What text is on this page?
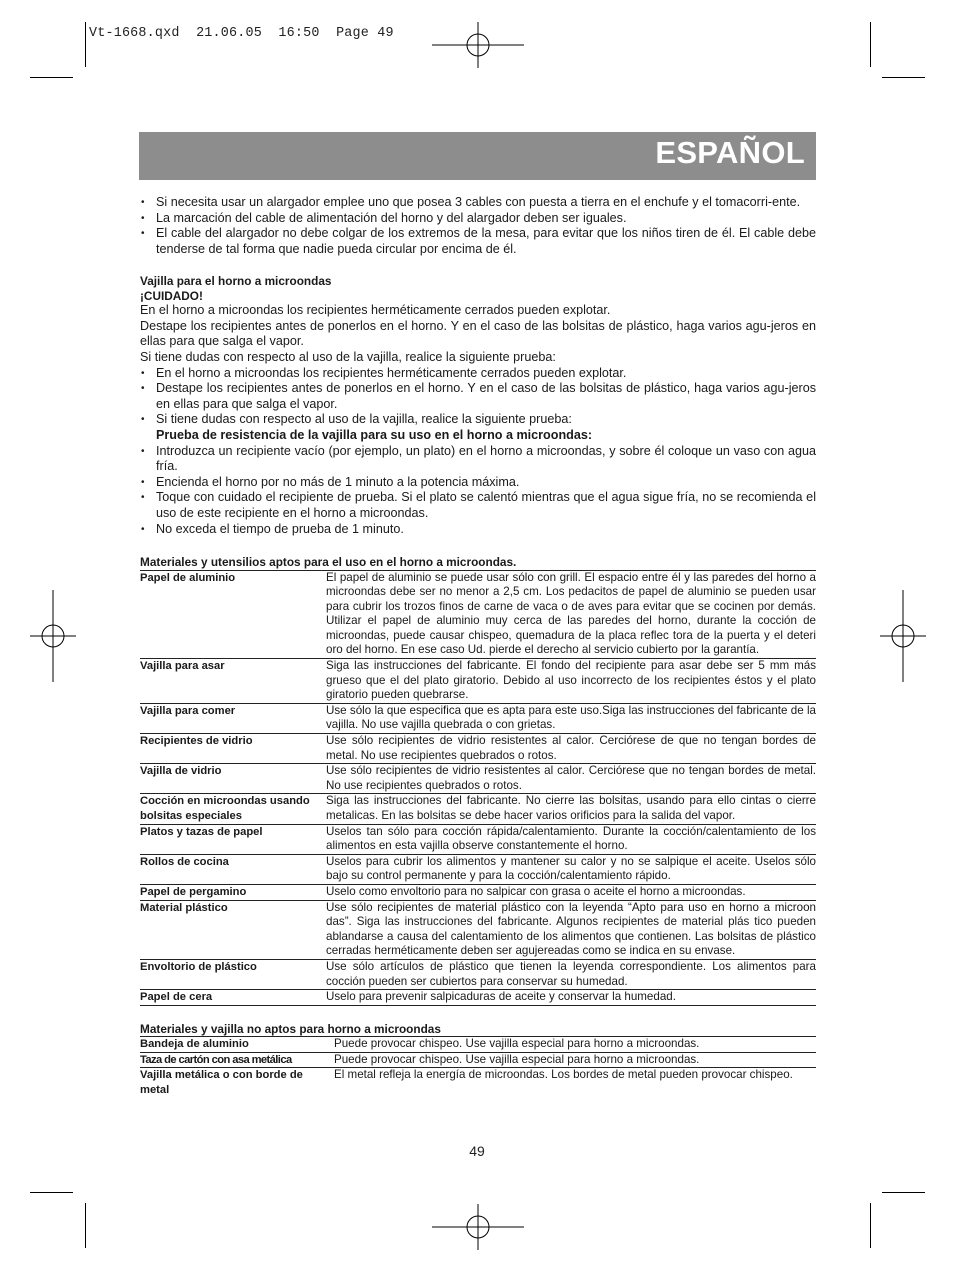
Vt-1668.qxd  21.06.05  16:50  Page 49
ESPAÑOL
• Si necesita usar un alargador emplee uno que posea 3 cables con puesta a tierra en el enchufe y el tomacorri-ente.
• La marcación del cable de alimentación del horno y del alargador deben ser iguales.
• El cable del alargador no debe colgar de los extremos de la mesa, para evitar que los niños tiren de él. El cable debe tenderse de tal forma que nadie pueda circular por encima de él.

Vajilla para el horno a microondas

¡CUIDADO!

En el horno a microondas los recipientes herméticamente cerrados pueden explotar.

Destape los recipientes antes de ponerlos en el horno. Y en el caso de las bolsitas de plástico, haga varios agu-jeros en ellas para que salga el vapor.

Si tiene dudas con respecto al uso de la vajilla, realice la siguiente prueba:

• En el horno a microondas los recipientes herméticamente cerrados pueden explotar.
• Destape los recipientes antes de ponerlos en el horno. Y en el caso de las bolsitas de plástico, haga varios agu-jeros en ellas para que salga el vapor.
• Si tiene dudas con respecto al uso de la vajilla, realice la siguiente prueba:
Prueba de resistencia de la vajilla para su uso en el horno a microondas:
• Introduzca un recipiente vacío (por ejemplo, un plato) en el horno a microondas, y sobre él coloque un vaso con agua fría.
• Encienda el horno por no más de 1 minuto a la potencia máxima.
• Toque con cuidado el recipiente de prueba. Si el plato se calentó mientras que el agua sigue fría, no se recomienda el uso de este recipiente en el horno a microondas.
• No exceda el tiempo de prueba de 1 minuto.

Materiales y utensilios aptos para el uso en el horno a microondas.

Papel de aluminio	El papel de aluminio se puede usar sólo con grill. El espacio entre él y las paredes del horno a microondas debe ser no menor a 2,5 cm. Los pedacitos de papel de aluminio se pueden usar para cubrir los trozos finos de carne de vaca o de aves para evitar que se cocinen por demás. Utilizar el papel de aluminio muy cerca de las paredes del horno, durante la cocción de microondas, puede causar chispeo, quemadura de la placa reflec tora de la puerta y el deteri oro del horno. En ese caso Ud. pierde el derecho al servicio cubierto por la garantía.
Vajilla para asar	Siga las instrucciones del fabricante. El fondo del recipiente para asar debe ser 5 mm más grueso que el del plato giratorio. Debido al uso incorrecto de los recipientes éstos y el plato giratorio pueden quebrarse.
Vajilla para comer	Use sólo la que especifica que es apta para este uso.Siga las instrucciones del fabricante de la vajilla. No use vajilla quebrada o con grietas.
Recipientes de vidrio	Use sólo recipientes de vidrio resistentes al calor. Cerciórese de que no tengan bordes de metal. No use recipientes quebrados o rotos.
Vajilla de vidrio	Use sólo recipientes de vidrio resistentes al calor. Cerciórese que no tengan bordes de metal. No use recipientes quebrados o rotos.
Cocción en microondas usando bolsitas especiales	Siga las instrucciones del fabricante. No cierre las bolsitas, usando para ello cintas o cierre metalicas. En las bolsitas se debe hacer varios orificios para la salida del vapor.
Platos y tazas de papel	Uselos tan sólo para cocción rápida/calentamiento. Durante la cocción/calentamiento de los alimentos en esta vajilla observe constantemente el horno.
Rollos de cocina	Uselos para cubrir los alimentos y mantener su calor y no se salpique el aceite. Uselos sólo bajo su control permanente y para la cocción/calentamiento rápido.
Papel de pergamino	Uselo como envoltorio para no salpicar con grasa o aceite el horno a microondas.
Material plástico	Use sólo recipientes de material plástico con la leyenda “Apto para uso en horno a microon das”. Siga las instrucciones del fabricante. Algunos recipientes de material plás tico pueden ablandarse a causa del calentamiento de los alimentos que contienen. Las bolsitas de plástico cerradas herméticamente deben ser agujereadas como se indica en su envase.
Envoltorio de plástico	Use sólo artículos de plástico que tienen la leyenda correspondiente. Los alimentos para cocción pueden ser cubiertos para conservar su humedad.
Papel de cera	Uselo para prevenir salpicaduras de aceite y conservar la humedad.

Materiales y vajilla no aptos para horno a microondas

Bandeja de aluminio	Puede provocar chispeo. Use vajilla especial para horno a microondas.
Taza de cartón con asa metálica	Puede provocar chispeo. Use vajilla especial para horno a microondas.
Vajilla metálica o con borde de metal	El metal refleja la energía de microondas. Los bordes de metal pueden provocar chispeo.
49
